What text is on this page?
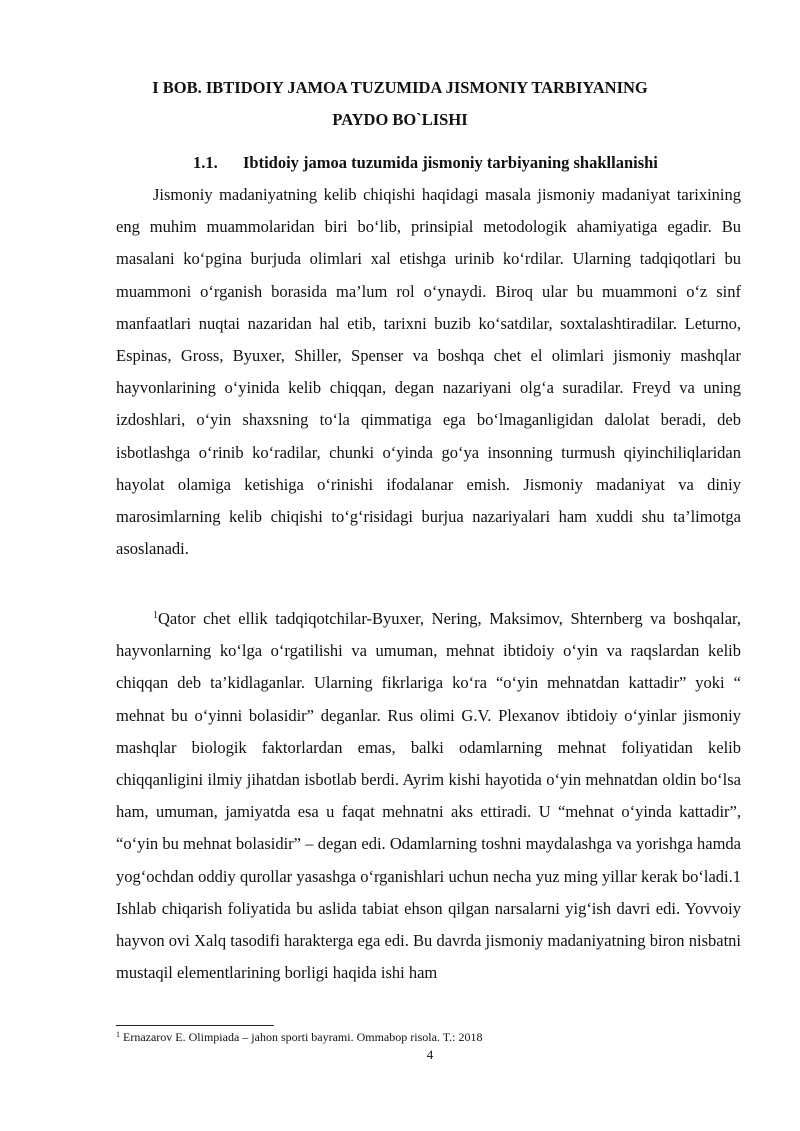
I BOB. IBTIDOIY JAMOA TUZUMIDA JISMONIY TARBIYANING
PAYDO BO`LISHI
1.1. Ibtidoiy jamoa tuzumida jismoniy tarbiyaning shakllanishi

Jismoniy madaniyatning kelib chiqishi haqidagi masala jismoniy madaniyat tarixining eng muhim muammolaridan biri bo‘lib, prinsipial metodologik ahamiyatiga egadir. Bu masalani ko‘pgina burjuda olimlari xal etishga urinib ko‘rdilar. Ularning tadqiqotlari bu muammoni o‘rganish borasida ma’lum rol o‘ynaydi. Biroq ular bu muammoni o‘z sinf manfaatlari nuqtai nazaridan hal etib, tarixni buzib ko‘satdilar, soxtalashtiradilar. Leturno, Espinas, Gross, Byuxer, Shiller, Spenser va boshqa chet el olimlari jismoniy mashqlar hayvonlarining o‘yinida kelib chiqqan, degan nazariyani olg‘a suradilar. Freyd va uning izdoshlari, o‘yin shaxsning to‘la qimmatiga ega bo‘lmaganligidan dalolat beradi, deb isbotlashga o‘rinib ko‘radilar, chunki o‘yinda go‘ya insonning turmush qiyinchiliqlaridan hayolat olamiga ketishiga o‘rinishi ifodalanar emish. Jismoniy madaniyat va diniy marosimlarning kelib chiqishi to‘g‘risidagi burjua nazariyalari ham xuddi shu ta’limotga asoslanadi.

$^1$Qator chet ellik tadqiqotchilar-Byuxer, Nering, Maksimov, Shternberg va boshqalar, hayvonlarning ko‘lga o‘rgatilishi va umuman, mehnat ibtidoiy o‘yin va raqslardan kelib chiqqan deb ta’kidlaganlar. Ularning fikrlariga ko‘ra “o‘yin mehnatdan kattadir” yoki “ mehnat bu o‘yinni bolasidir” deganlar. Rus olimi G.V. Plexanov ibtidoiy o‘yinlar jismoniy mashqlar biologik faktorlardan emas, balki odamlarning mehnat foliyatidan kelib chiqqanligini ilmiy jihatdan isbotlab berdi. Ayrim kishi hayotida o‘yin mehnatdan oldin bo‘lsa ham, umuman, jamiyatda esa u faqat mehnatni aks ettiradi. U “mehnat o‘yinda kattadir”, “o‘yin bu mehnat bolasidir” – degan edi. Odamlarning toshni maydalashga va yorishga hamda yog‘ochdan oddiy qurollar yasashga o‘rganishlari uchun necha yuz ming yillar kerak bo‘ladi.1 Ishlab chiqarish foliyatida bu aslida tabiat ehson qilgan narsalarni yig‘ish davri edi. Yovvoiy hayvon ovi Xalq tasodifi harakterga ega edi. Bu davrda jismoniy madaniyatning biron nisbatni mustaqil elementlarining borligi haqida ishi ham

$^1$ Ernazarov E. Olimpiada – jahon sporti bayrami. Ommabop risola. T.: 2018

4
